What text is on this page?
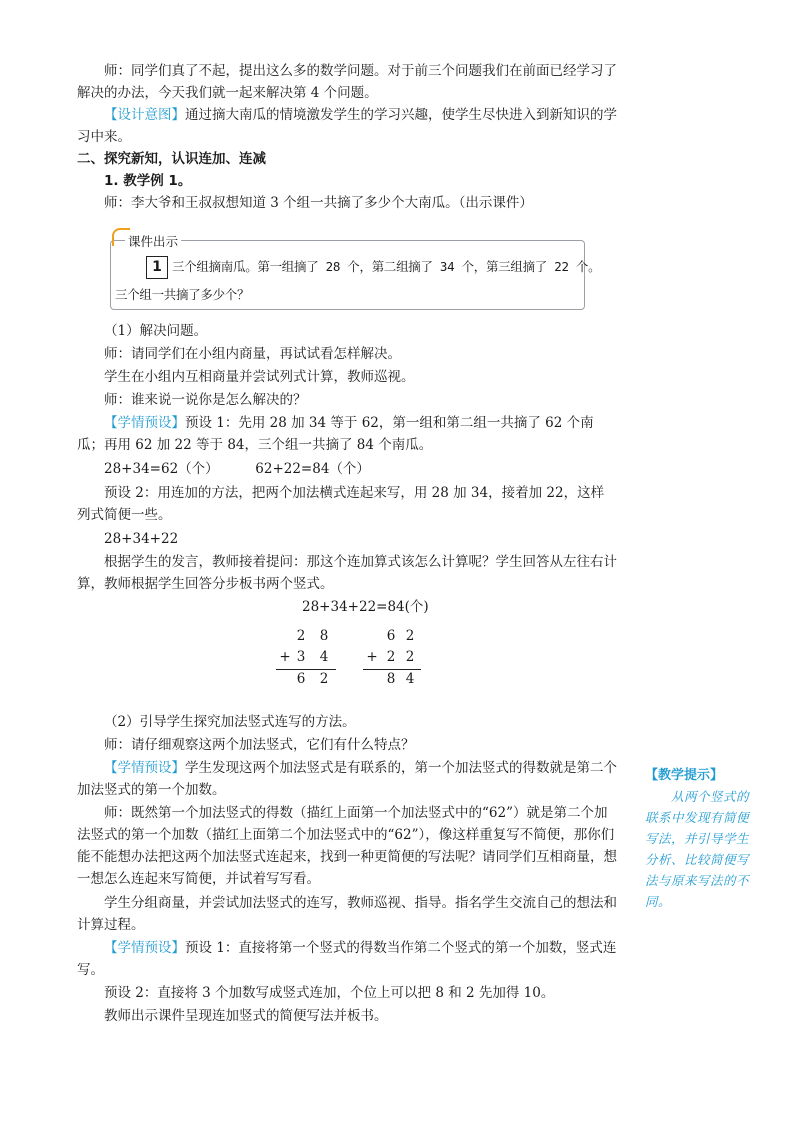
师：同学们真了不起，提出这么多的数学问题。对于前三个问题我们在前面已经学习了解决的办法，今天我们就一起来解决第 4 个问题。
【设计意图】通过摘大南瓜的情境激发学生的学习兴趣，使学生尽快进入到新知识的学习中来。
二、探究新知，认识连加、连减
1. 教学例 1。
师：李大爷和王叔叔想知道 3 个组一共摘了多少个大南瓜。（出示课件）
课件出示
1 三个组摘南瓜。第一组摘了 28 个，第二组摘了 34 个，第三组摘了 22 个。
三个组一共摘了多少个？
（1）解决问题。
师：请同学们在小组内商量，再试试看怎样解决。
学生在小组内互相商量并尝试列式计算，教师巡视。
师：谁来说一说你是怎么解决的？
【学情预设】预设 1：先用 28 加 34 等于 62，第一组和第二组一共摘了 62 个南瓜；再用 62 加 22 等于 84，三个组一共摘了 84 个南瓜。
28+34=62（个）	62+22=84（个）
预设 2：用连加的方法，把两个加法横式连起来写，用 28 加 34，接着加 22，这样列式简便一些。
28+34+22
根据学生的发言，教师接着提问：那这个连加算式该怎么计算呢？学生回答从左往右计算，教师根据学生回答分步板书两个竖式。
28+34+22=84(个)
2 8
+ 3 4
6 2
6 2
+ 2 2
8 4
（2）引导学生探究加法竖式连写的方法。
师：请仔细观察这两个加法竖式，它们有什么特点？
【学情预设】学生发现这两个加法竖式是有联系的，第一个加法竖式的得数就是第二个加法竖式的第一个加数。
师：既然第一个加法竖式的得数（描红上面第一个加法竖式中的“62”）就是第二个加法竖式的第一个加数（描红上面第二个加法竖式中的“62”），像这样重复写不简便，那你们能不能想办法把这两个加法竖式连起来，找到一种更简便的写法呢？请同学们互相商量，想一想怎么连起来写简便，并试着写写看。
学生分组商量，并尝试加法竖式的连写，教师巡视、指导。指名学生交流自己的想法和计算过程。
【学情预设】预设 1：直接将第一个竖式的得数当作第二个竖式的第一个加数，竖式连写。
预设 2：直接将 3 个加数写成竖式连加，个位上可以把 8 和 2 先加得 10。
教师出示课件呈现连加竖式的简便写法并板书。
【教学提示】
从两个竖式的联系中发现有简便写法，并引导学生分析、比较简便写法与原来写法的不同。
